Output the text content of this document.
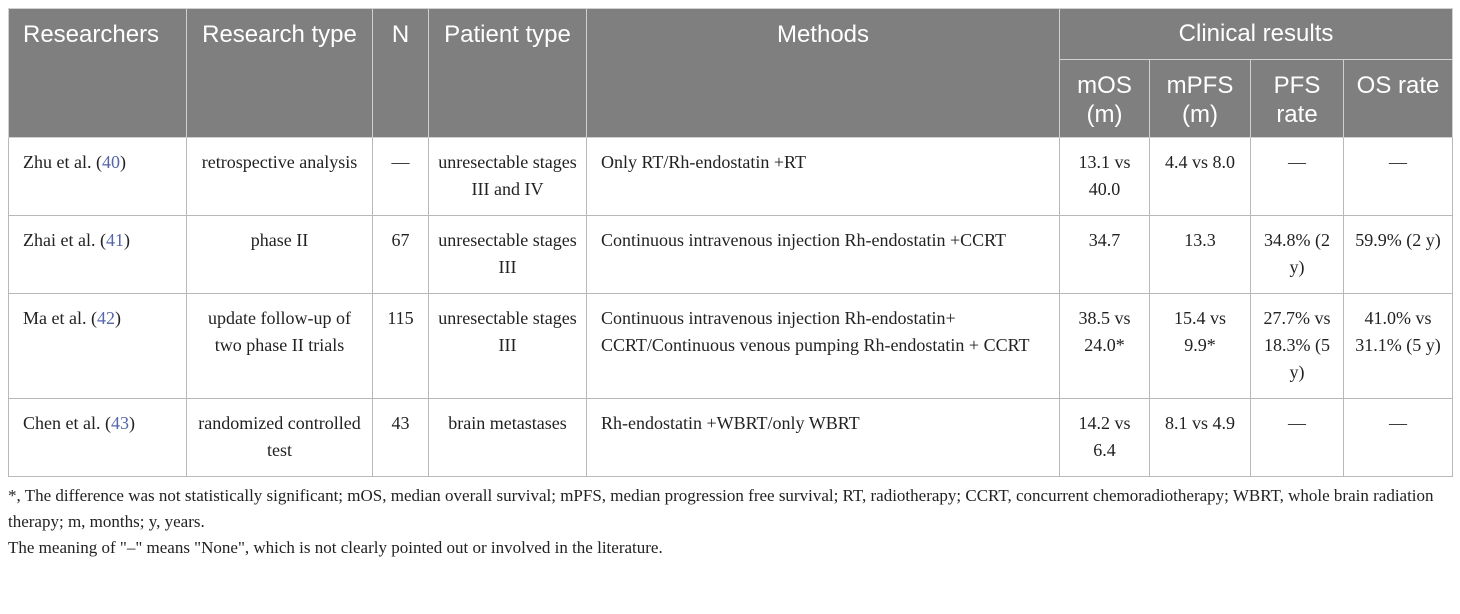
Researchers	Research type	N	Patient type	Methods	Clinical results			
					mOS (m)	mPFS (m)	PFS rate	OS rate
Zhu et al. (40)	retrospective analysis	—	unresectable stages III and IV	Only RT/Rh-endostatin +RT	13.1 vs 40.0	4.4 vs 8.0	—	—
Zhai et al. (41)	phase II	67	unresectable stages III	Continuous intravenous injection Rh-endostatin +CCRT	34.7	13.3	34.8% (2 y)	59.9% (2 y)
Ma et al. (42)	update follow-up of two phase II trials	115	unresectable stages III	Continuous intravenous injection Rh-endostatin+ CCRT/Continuous venous pumping Rh-endostatin + CCRT	38.5 vs 24.0*	15.4 vs 9.9*	27.7% vs 18.3% (5 y)	41.0% vs 31.1% (5 y)
Chen et al. (43)	randomized controlled test	43	brain metastases	Rh-endostatin +WBRT/only WBRT	14.2 vs 6.4	8.1 vs 4.9	—	—

*, The difference was not statistically significant; mOS, median overall survival; mPFS, median progression free survival; RT, radiotherapy; CCRT, concurrent chemoradiotherapy; WBRT, whole brain radiation therapy; m, months; y, years.

The meaning of "–" means "None", which is not clearly pointed out or involved in the literature.
